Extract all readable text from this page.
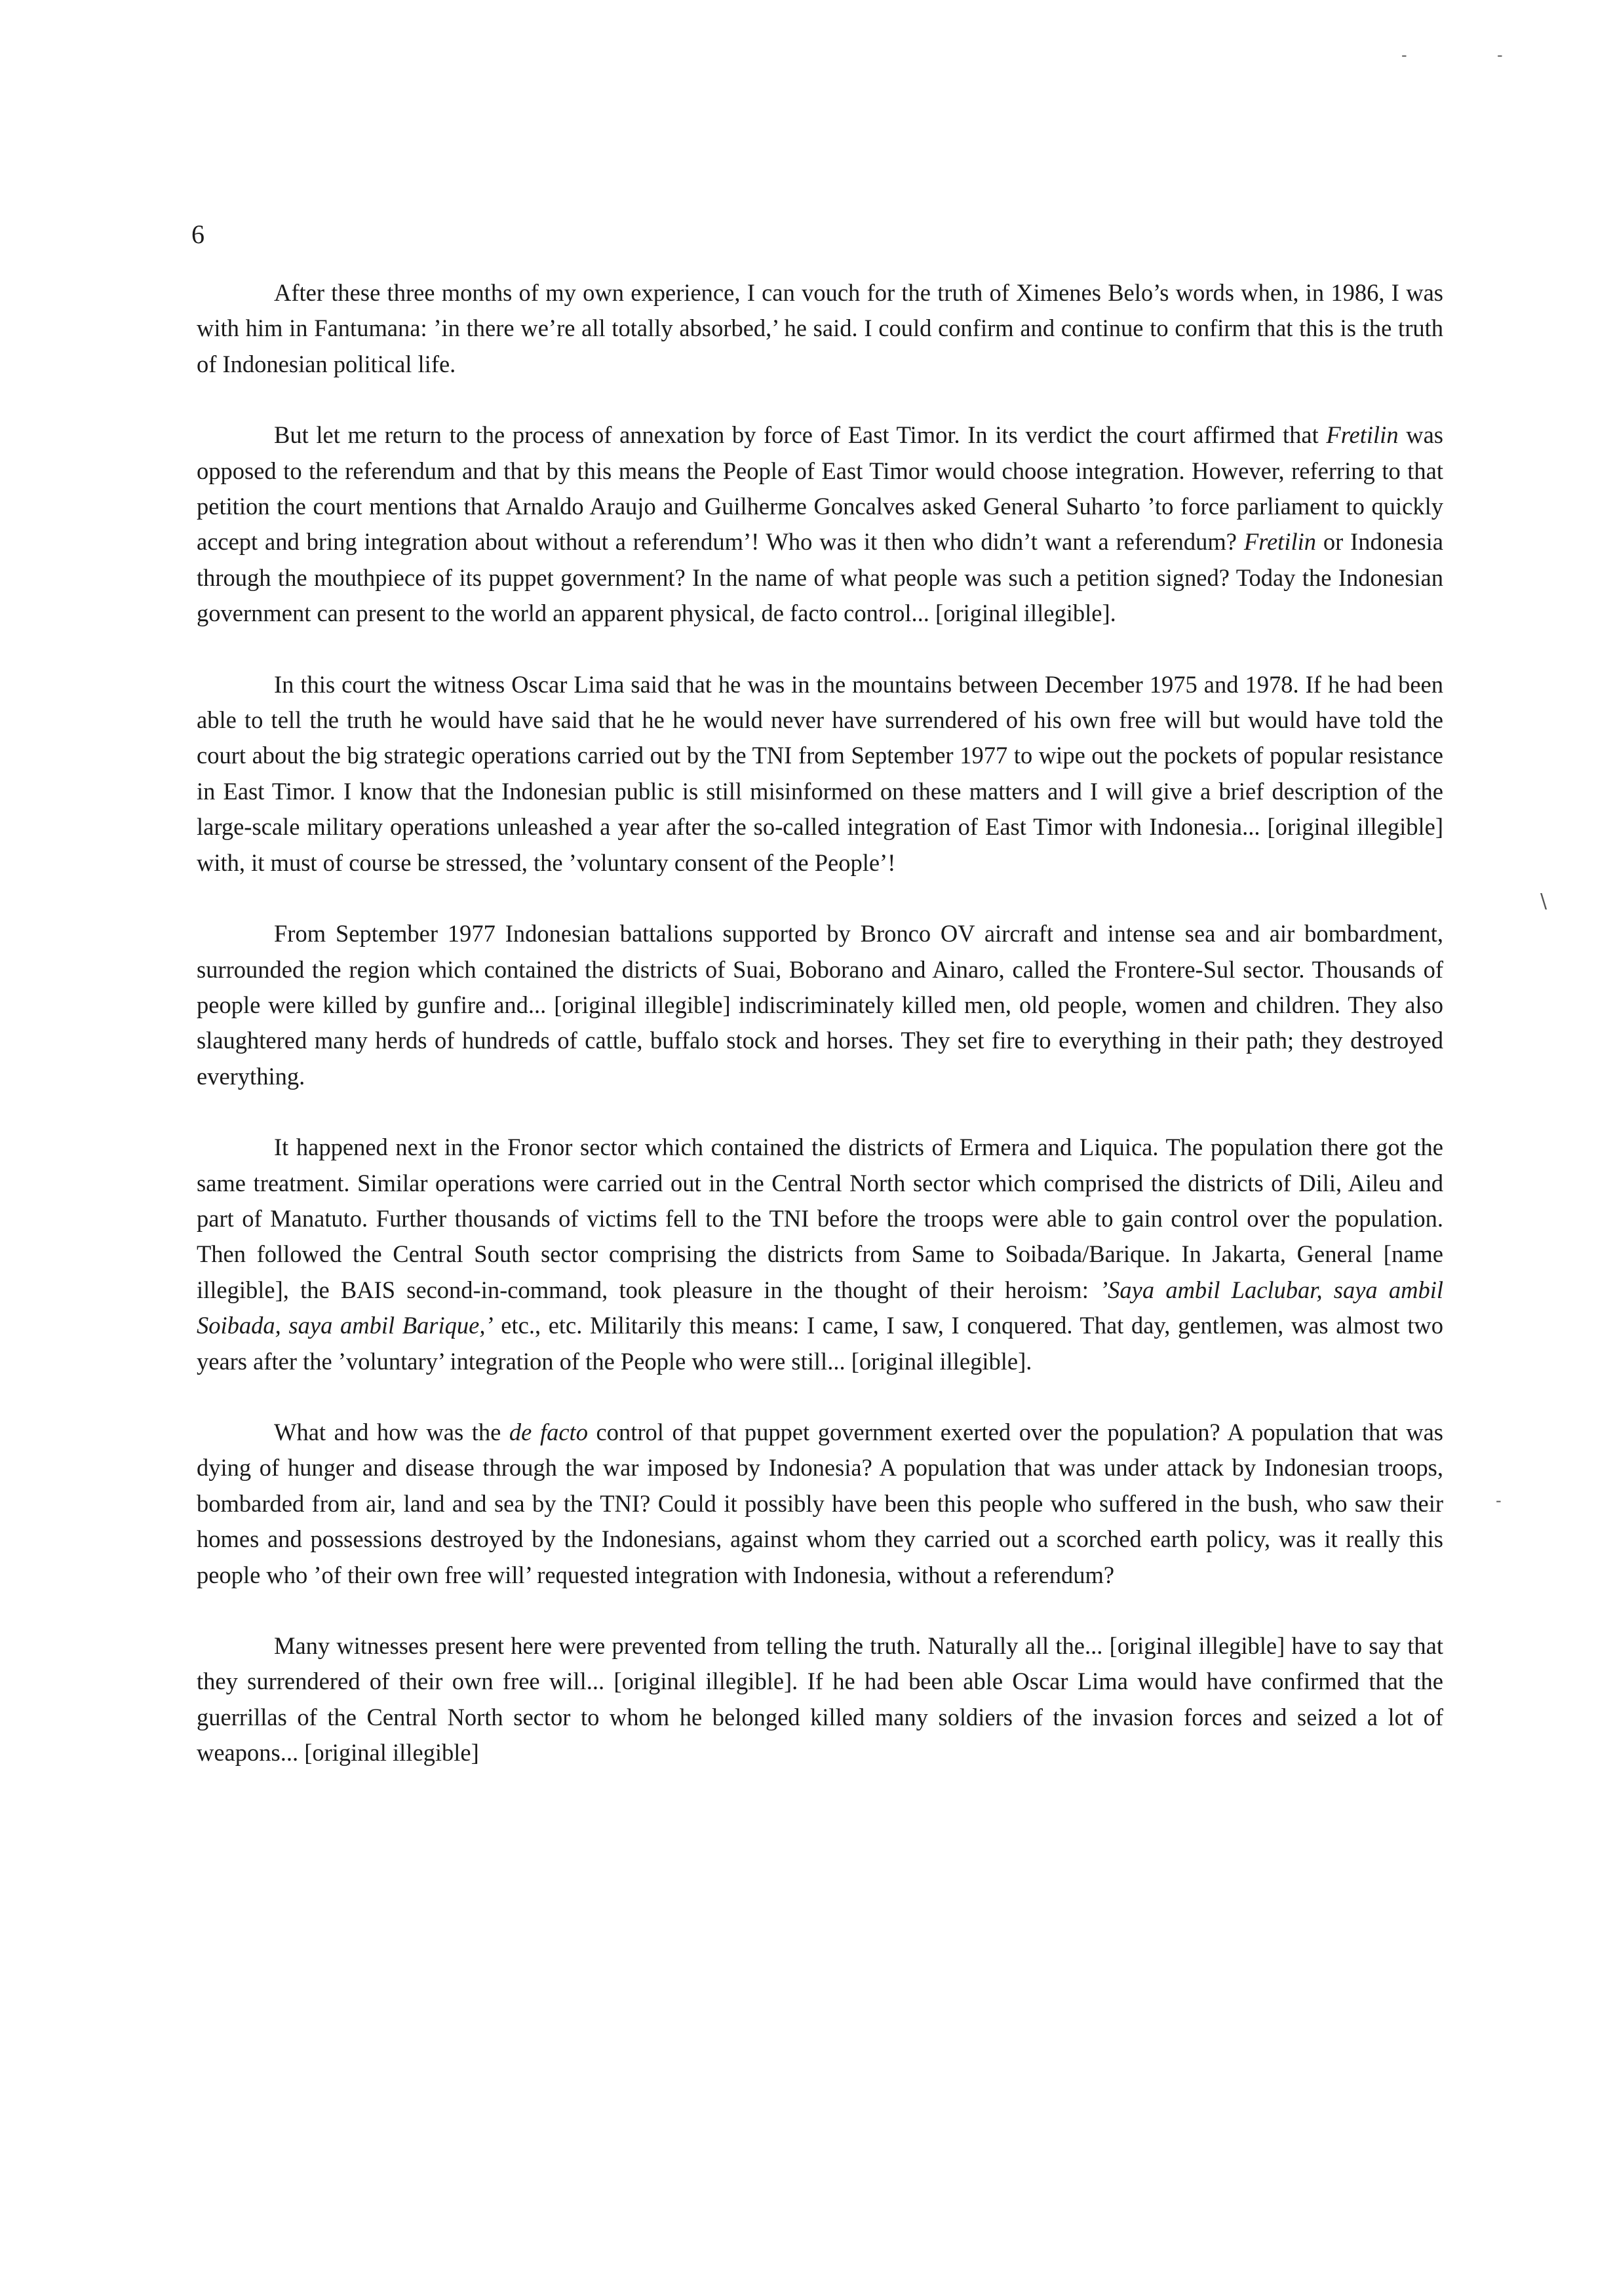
-	-
\
-
6

After these three months of my own experience, I can vouch for the truth of Ximenes Belo’s words when, in 1986, I was with him in Fantumana: ’in there we’re all totally absorbed,’ he said. I could confirm and continue to confirm that this is the truth of Indonesian political life.

But let me return to the process of annexation by force of East Timor. In its verdict the court affirmed that Fretilin was opposed to the referendum and that by this means the People of East Timor would choose integration. However, referring to that petition the court mentions that Arnaldo Araujo and Guilherme Goncalves asked General Suharto ’to force parliament to quickly accept and bring integration about without a referendum’! Who was it then who didn’t want a referendum? Fretilin or Indonesia through the mouthpiece of its puppet government? In the name of what people was such a petition signed? Today the Indonesian government can present to the world an apparent physical, de facto control... [original illegible].

In this court the witness Oscar Lima said that he was in the mountains between December 1975 and 1978. If he had been able to tell the truth he would have said that he he would never have surrendered of his own free will but would have told the court about the big strategic operations carried out by the TNI from September 1977 to wipe out the pockets of popular resistance in East Timor. I know that the Indonesian public is still misinformed on these matters and I will give a brief description of the large-scale military operations unleashed a year after the so-called integration of East Timor with Indonesia... [original illegible] with, it must of course be stressed, the ’voluntary consent of the People’!

From September 1977 Indonesian battalions supported by Bronco OV aircraft and intense sea and air bombardment, surrounded the region which contained the districts of Suai, Boborano and Ainaro, called the Frontere-Sul sector. Thousands of people were killed by gunfire and... [original illegible] indiscriminately killed men, old people, women and children. They also slaughtered many herds of hundreds of cattle, buffalo stock and horses. They set fire to everything in their path; they destroyed everything.

It happened next in the Fronor sector which contained the districts of Ermera and Liquica. The population there got the same treatment. Similar operations were carried out in the Central North sector which comprised the districts of Dili, Aileu and part of Manatuto. Further thousands of victims fell to the TNI before the troops were able to gain control over the population. Then followed the Central South sector comprising the districts from Same to Soibada/Barique. In Jakarta, General [name illegible], the BAIS second-in-command, took pleasure in the thought of their heroism: ’Saya ambil Laclubar, saya ambil Soibada, saya ambil Barique,’ etc., etc. Militarily this means: I came, I saw, I conquered. That day, gentlemen, was almost two years after the ’voluntary’ integration of the People who were still... [original illegible].

What and how was the de facto control of that puppet government exerted over the population? A population that was dying of hunger and disease through the war imposed by Indonesia? A population that was under attack by Indonesian troops, bombarded from air, land and sea by the TNI? Could it possibly have been this people who suffered in the bush, who saw their homes and possessions destroyed by the Indonesians, against whom they carried out a scorched earth policy, was it really this people who ’of their own free will’ requested integration with Indonesia, without a referendum?

Many witnesses present here were prevented from telling the truth. Naturally all the... [original illegible] have to say that they surrendered of their own free will... [original illegible]. If he had been able Oscar Lima would have confirmed that the guerrillas of the Central North sector to whom he belonged killed many soldiers of the invasion forces and seized a lot of weapons... [original illegible]
